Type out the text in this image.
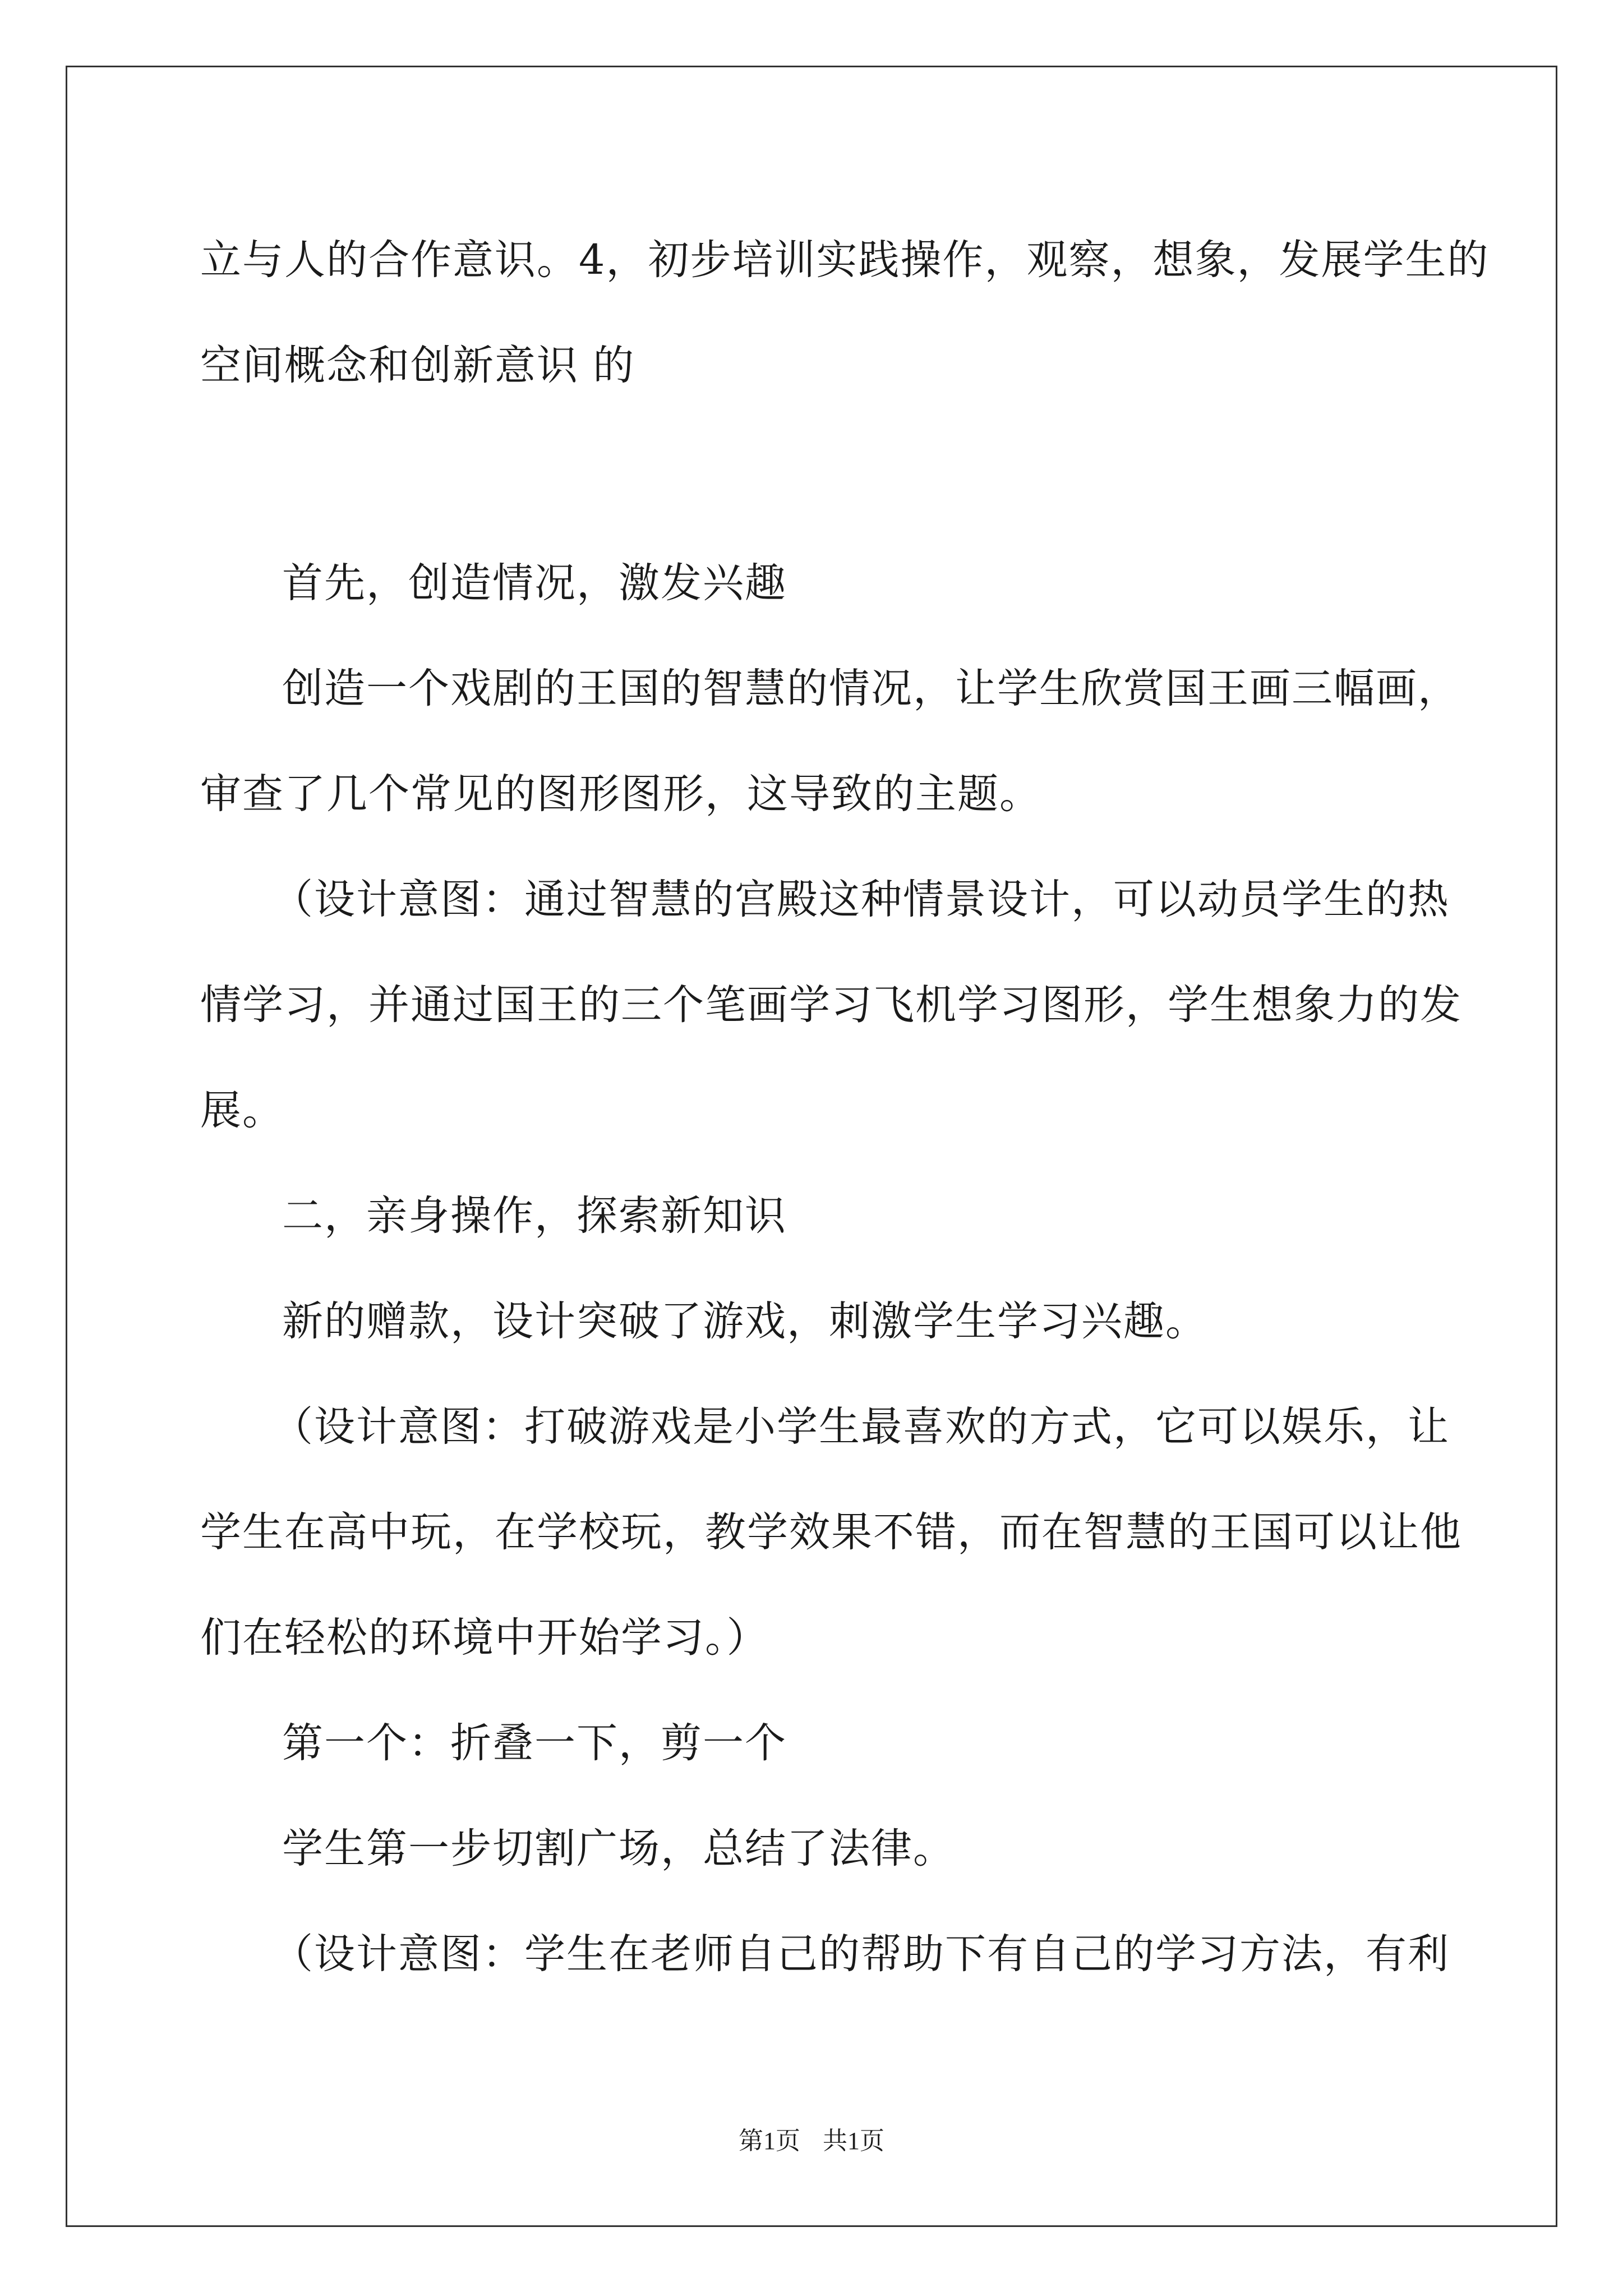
立与人的合作意识。4，初步培训实践操作，观察，想象，发展学生的
空间概念和创新意识 的
首先，创造情况，激发兴趣
创造一个戏剧的王国的智慧的情况，让学生欣赏国王画三幅画，
审查了几个常见的图形图形，这导致的主题。
（设计意图：通过智慧的宫殿这种情景设计，可以动员学生的热
情学习，并通过国王的三个笔画学习飞机学习图形，学生想象力的发
展。
二，亲身操作，探索新知识
新的赠款，设计突破了游戏，刺激学生学习兴趣。
（设计意图：打破游戏是小学生最喜欢的方式，它可以娱乐，让
学生在高中玩，在学校玩，教学效果不错，而在智慧的王国可以让他
们在轻松的环境中开始学习。）
第一个：折叠一下，剪一个
学生第一步切割广场，总结了法律。
（设计意图：学生在老师自己的帮助下有自己的学习方法，有利
第1页 共1页
